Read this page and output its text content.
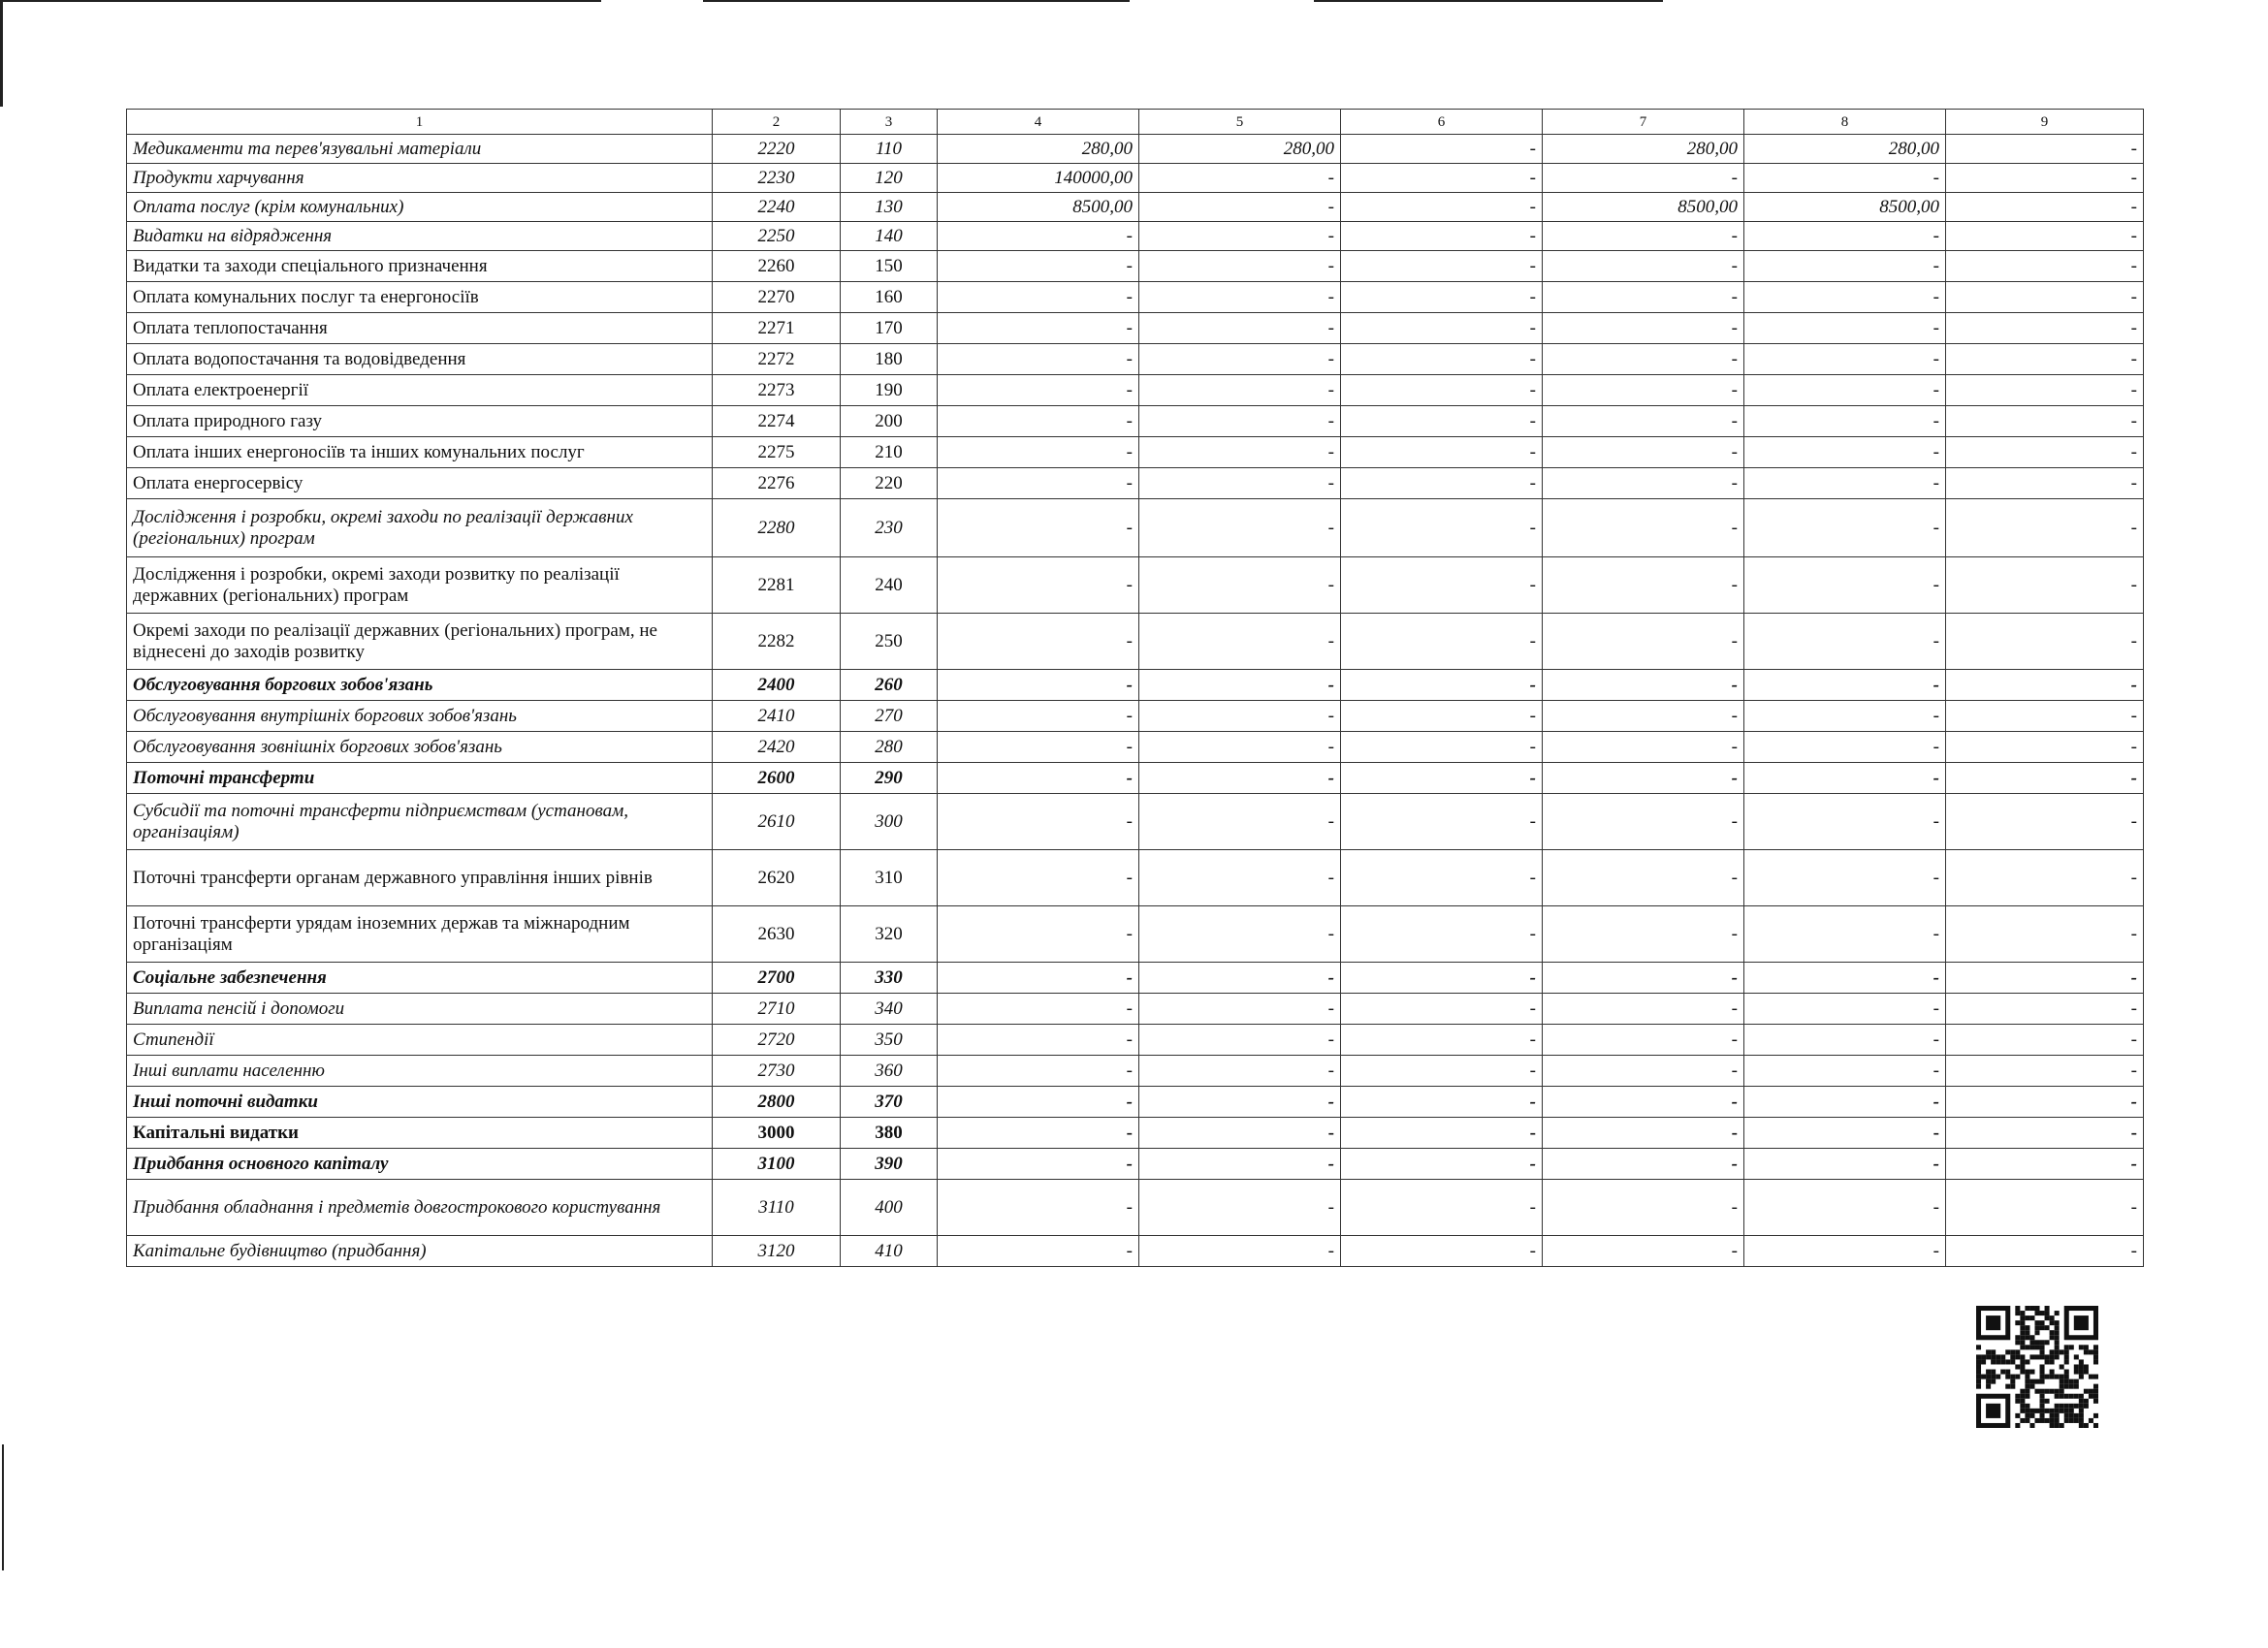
1	2	3	4	5	6	7	8	9
Медикаменти та перев'язувальні матеріали	2220	110	280,00	280,00	-	280,00	280,00	-
Продукти харчування	2230	120	140000,00	-	-	-	-	-
Оплата послуг (крім комунальних)	2240	130	8500,00	-	-	8500,00	8500,00	-
Видатки на відрядження	2250	140	-	-	-	-	-	-
Видатки та заходи спеціального призначення	2260	150	-	-	-	-	-	-
Оплата комунальних послуг та енергоносіїв	2270	160	-	-	-	-	-	-
Оплата теплопостачання	2271	170	-	-	-	-	-	-
Оплата водопостачання та водовідведення	2272	180	-	-	-	-	-	-
Оплата електроенергії	2273	190	-	-	-	-	-	-
Оплата природного газу	2274	200	-	-	-	-	-	-
Оплата інших енергоносіїв та інших комунальних послуг	2275	210	-	-	-	-	-	-
Оплата енергосервісу	2276	220	-	-	-	-	-	-
Дослідження і розробки, окремі заходи по реалізації державних (регіональних) програм	2280	230	-	-	-	-	-	-
Дослідження і розробки, окремі заходи розвитку по реалізації державних (регіональних) програм	2281	240	-	-	-	-	-	-
Окремі заходи по реалізації державних (регіональних) програм, не віднесені до заходів розвитку	2282	250	-	-	-	-	-	-
Обслуговування боргових зобов'язань	2400	260	-	-	-	-	-	-
Обслуговування внутрішніх боргових зобов'язань	2410	270	-	-	-	-	-	-
Обслуговування зовнішніх боргових зобов'язань	2420	280	-	-	-	-	-	-
Поточні трансферти	2600	290	-	-	-	-	-	-
Субсидії та поточні трансферти підприємствам (установам, організаціям)	2610	300	-	-	-	-	-	-
Поточні трансферти органам державного управління інших рівнів	2620	310	-	-	-	-	-	-
Поточні трансферти урядам іноземних держав та міжнародним організаціям	2630	320	-	-	-	-	-	-
Соціальне забезпечення	2700	330	-	-	-	-	-	-
Виплата пенсій і допомоги	2710	340	-	-	-	-	-	-
Стипендії	2720	350	-	-	-	-	-	-
Інші виплати населенню	2730	360	-	-	-	-	-	-
Інші поточні видатки	2800	370	-	-	-	-	-	-
Капітальні видатки	3000	380	-	-	-	-	-	-
Придбання основного капіталу	3100	390	-	-	-	-	-	-
Придбання обладнання і предметів довгострокового користування	3110	400	-	-	-	-	-	-
Капітальне будівництво (придбання)	3120	410	-	-	-	-	-	-
